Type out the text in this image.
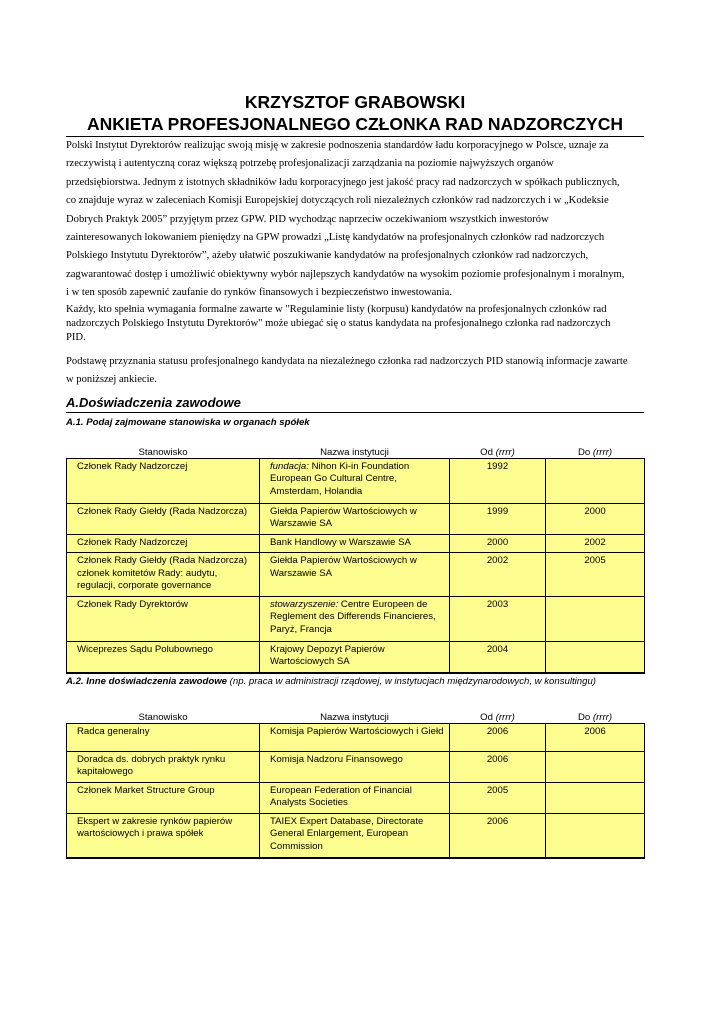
KRZYSZTOF GRABOWSKI
ANKIETA PROFESJONALNEGO CZŁONKA RAD NADZORCZYCH

Polski Instytut Dyrektorów realizując swoją misję w zakresie podnoszenia standardów ładu korporacyjnego w Polsce, uznaje za
rzeczywistą i autentyczną coraz większą potrzebę profesjonalizacji zarządzania na poziomie najwyższych organów
przedsiębiorstwa. Jednym z istotnych składników ładu korporacyjnego jest jakość pracy rad nadzorczych w spółkach publicznych,
co znajduje wyraz w zaleceniach Komisji Europejskiej dotyczących roli niezależnych członków rad nadzorczych i w „Kodeksie
Dobrych Praktyk 2005” przyjętym przez GPW. PID wychodząc naprzeciw oczekiwaniom wszystkich inwestorów
zainteresowanych lokowaniem pieniędzy na GPW prowadzi „Listę kandydatów na profesjonalnych członków rad nadzorczych
Polskiego Instytutu Dyrektorów”, ażeby ułatwić poszukiwanie kandydatów na profesjonalnych członków rad nadzorczych,
zagwarantować dostęp i umożliwić obiektywny wybór najlepszych kandydatów na wysokim poziomie profesjonalnym i moralnym,
i w ten sposób zapewnić zaufanie do rynków finansowych i bezpieczeństwo inwestowania.

Każdy, kto spełnia wymagania formalne zawarte w "Regulaminie listy (korpusu) kandydatów na profesjonalnych członków rad
nadzorczych Polskiego Instytutu Dyrektorów" może ubiegać się o status kandydata na profesjonalnego członka rad nadzorczych
PID.

Podstawę przyznania statusu profesjonalnego kandydata na niezależnego członka rad nadzorczych PID stanowią informacje zawarte
w poniższej ankiecie.

A.Doświadczenia zawodowe
A.1. Podaj zajmowane stanowiska w organach spółek
Stanowisko	Nazwa instytucji	Od (rrrr)	Do (rrrr)
Członek Rady Nadzorczej	fundacja: Nihon Ki-in Foundation European Go Cultural Centre, Amsterdam, Holandia	1992	
Członek Rady Giełdy (Rada Nadzorcza)	Giełda Papierów Wartościowych w Warszawie SA	1999	2000
Członek Rady Nadzorczej	Bank Handlowy w Warszawie SA	2000	2002
Członek Rady Giełdy (Rada Nadzorcza) członek komitetów Rady: audytu, regulacji, corporate governance	Giełda Papierów Wartościowych w Warszawie SA	2002	2005
Członek Rady Dyrektorów	stowarzyszenie: Centre Europeen de Reglement des Differends Financieres, Paryż, Francja	2003	
Wiceprezes Sądu Polubownego	Krajowy Depozyt Papierów Wartościowych SA	2004	
A.2. Inne doświadczenia zawodowe (np. praca w administracji rządowej, w instytucjach międzynarodowych, w konsultingu)
Stanowisko	Nazwa instytucji	Od (rrrr)	Do (rrrr)
Radca generalny	Komisja Papierów Wartościowych i Giełd	2006	2006
Doradca ds. dobrych praktyk rynku kapitałowego	Komisja Nadzoru Finansowego	2006	
Członek Market Structure Group	European Federation of Financial Analysts Societies	2005	
Ekspert w zakresie rynków papierów wartościowych i prawa spółek	TAIEX Expert Database, Directorate General Enlargement, European Commission	2006	
